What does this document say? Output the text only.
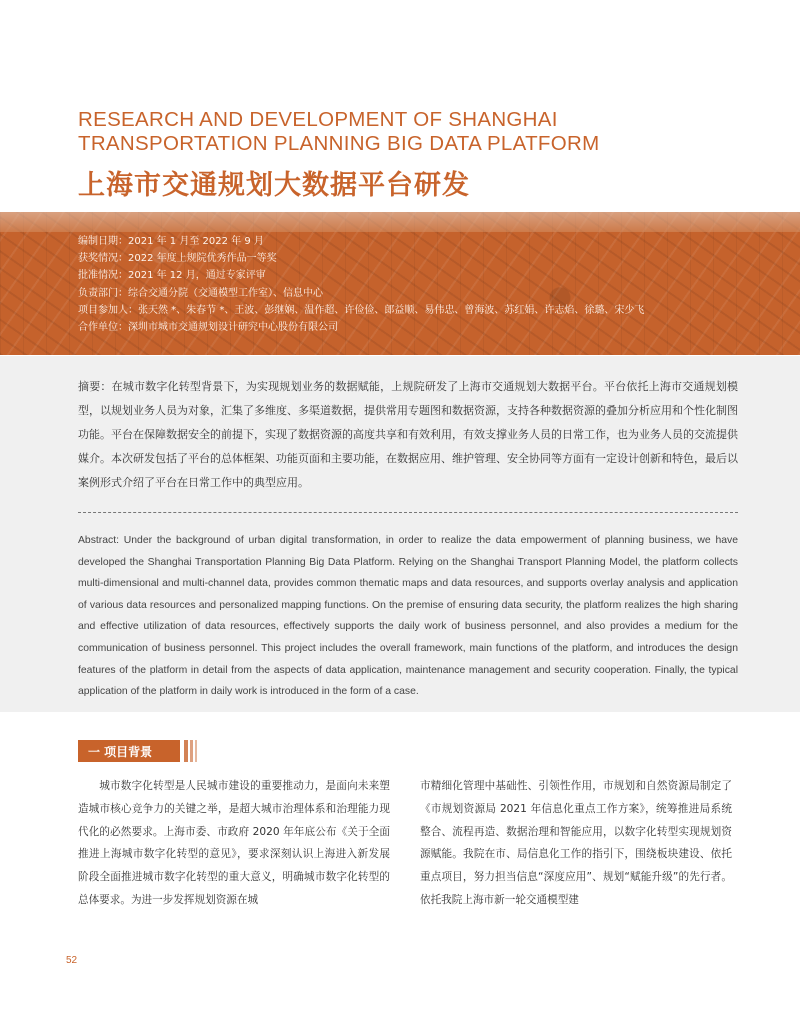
RESEARCH AND DEVELOPMENT OF SHANGHAI TRANSPORTATION PLANNING BIG DATA PLATFORM
上海市交通规划大数据平台研发
编制日期：2021 年 1 月至 2022 年 9 月
获奖情况：2022 年度上规院优秀作品一等奖
批准情况：2021 年 12 月，通过专家评审
负责部门：综合交通分院（交通模型工作室）、信息中心
项目参加人：张天然 *、朱春节 *、王波、彭继娴、温作超、许俭俭、郎益顺、易伟忠、曾海波、苏红娟、许志焰、徐璐、宋少飞
合作单位：深圳市城市交通规划设计研究中心股份有限公司

摘要：在城市数字化转型背景下，为实现规划业务的数据赋能，上规院研发了上海市交通规划大数据平台。平台依托上海市交通规划模型，以规划业务人员为对象，汇集了多维度、多渠道数据，提供常用专题图和数据资源，支持各种数据资源的叠加分析应用和个性化制图功能。平台在保障数据安全的前提下，实现了数据资源的高度共享和有效利用，有效支撑业务人员的日常工作，也为业务人员的交流提供媒介。本次研发包括了平台的总体框架、功能页面和主要功能，在数据应用、维护管理、安全协同等方面有一定设计创新和特色，最后以案例形式介绍了平台在日常工作中的典型应用。

Abstract: Under the background of urban digital transformation, in order to realize the data empowerment of planning business, we have developed the Shanghai Transportation Planning Big Data Platform. Relying on the Shanghai Transport Planning Model, the platform collects multi-dimensional and multi-channel data, provides common thematic maps and data resources, and supports overlay analysis and application of various data resources and personalized mapping functions. On the premise of ensuring data security, the platform realizes the high sharing and effective utilization of data resources, effectively supports the daily work of business personnel, and also provides a medium for the communication of business personnel. This project includes the overall framework, main functions of the platform, and introduces the design features of the platform in detail from the aspects of data application, maintenance management and security cooperation. Finally, the typical application of the platform in daily work is introduced in the form of a case.

一 项目背景

城市数字化转型是人民城市建设的重要推动力，是面向未来塑造城市核心竞争力的关键之举，是超大城市治理体系和治理能力现代化的必然要求。上海市委、市政府 2020 年年底公布《关于全面推进上海城市数字化转型的意见》，要求深刻认识上海进入新发展阶段全面推进城市数字化转型的重大意义，明确城市数字化转型的总体要求。为进一步发挥规划资源在城

市精细化管理中基础性、引领性作用，市规划和自然资源局制定了《市规划资源局 2021 年信息化重点工作方案》，统筹推进局系统整合、流程再造、数据治理和智能应用，以数字化转型实现规划资源赋能。我院在市、局信息化工作的指引下，围绕板块建设、依托重点项目，努力担当信息“深度应用”、规划“赋能升级”的先行者。依托我院上海市新一轮交通模型建

52
